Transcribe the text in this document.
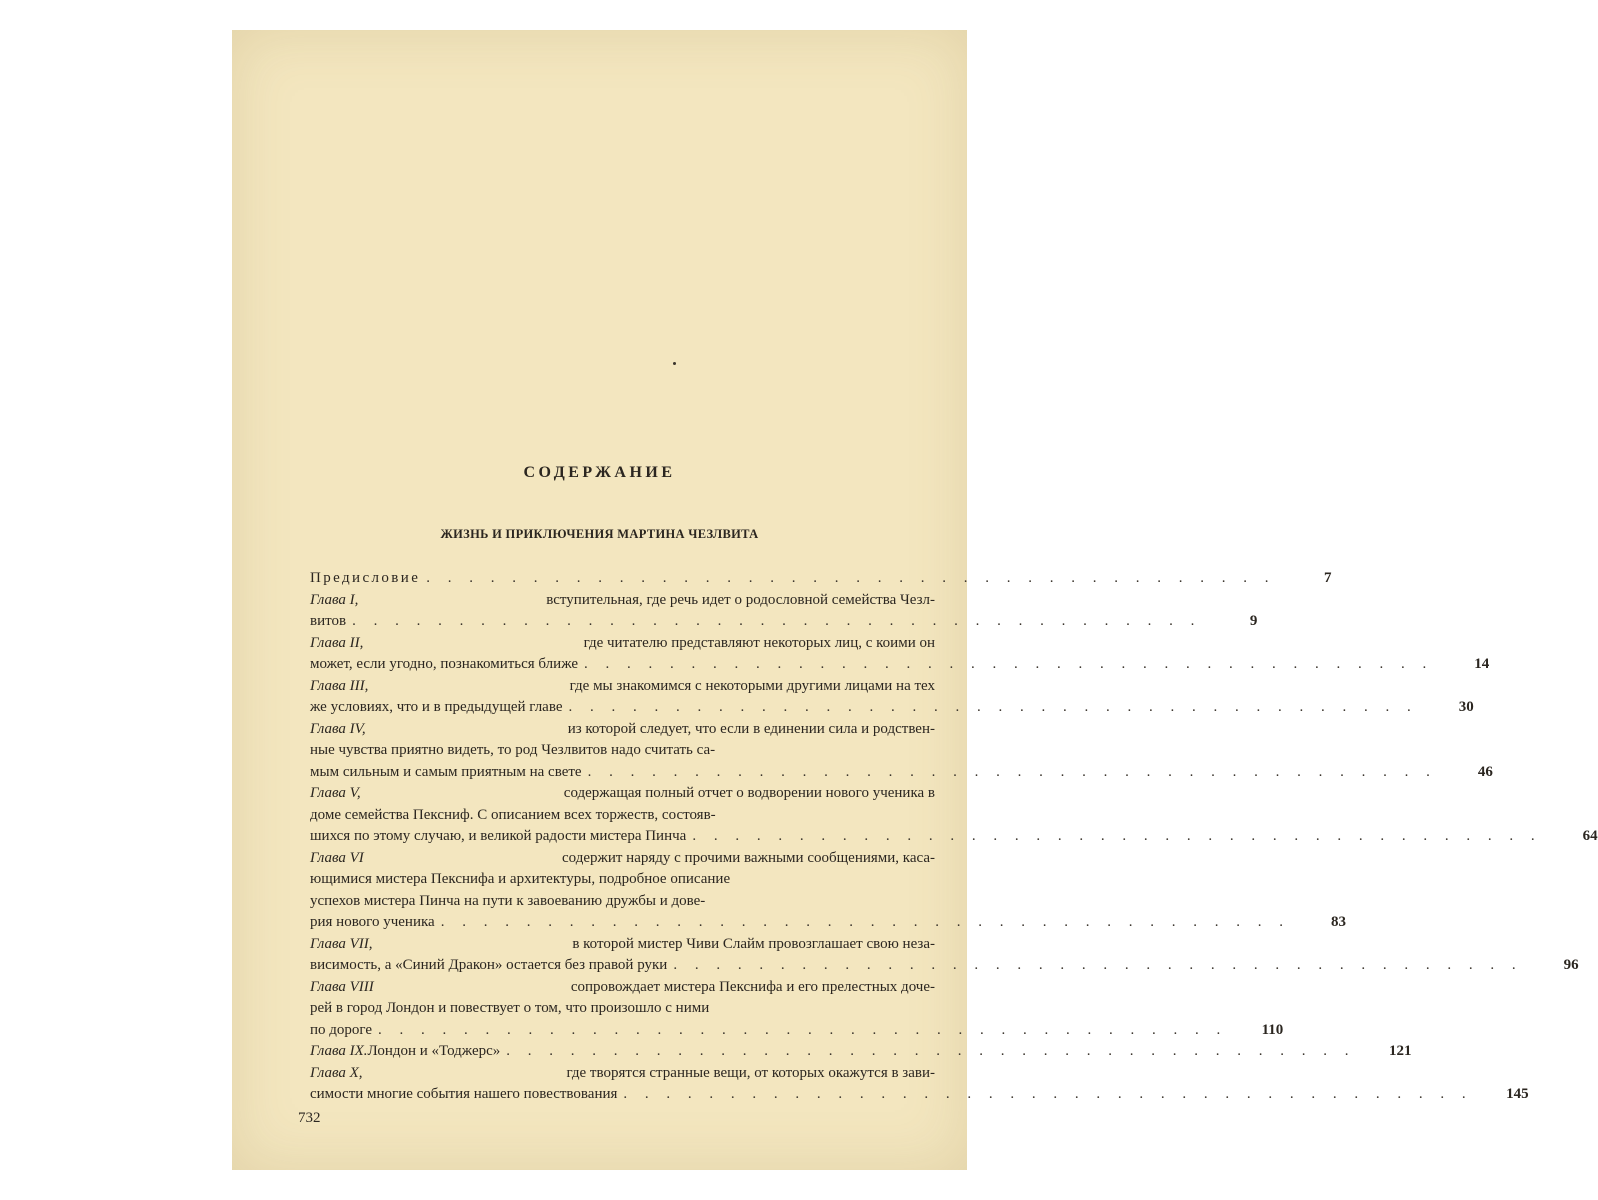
СОДЕРЖАНИЕ
ЖИЗНЬ И ПРИКЛЮЧЕНИЯ МАРТИНА ЧЕЗЛВИТА
Предисловие . . . . . . . . . . . . . . . . . . . . . . . . . . . . . . . . . . . . . . . .	7
Глава I,	вступительная, где речь идет о родословной семейства Чезл-
витов . . . . . . . . . . . . . . . . . . . . . . . . . . . . . . . . . . . . . . . .	9
Глава II,	где читателю представляют некоторых лиц, с коими он
может, если угодно, познакомиться ближе . . . . . . . . . . . . . . . . . . . . . . . . . . . . . . . . . . . . . . . .	14
Глава III,	где мы знакомимся с некоторыми другими лицами на тех
же условиях, что и в предыдущей главе . . . . . . . . . . . . . . . . . . . . . . . . . . . . . . . . . . . . . . . .	30
Глава IV,	из которой следует, что если в единении сила и родствен-
ные чувства приятно видеть, то род Чезлвитов надо считать са-
мым сильным и самым приятным на свете . . . . . . . . . . . . . . . . . . . . . . . . . . . . . . . . . . . . . . . .	46
Глава V,	содержащая полный отчет о водворении нового ученика в
доме семейства Пексниф. С описанием всех торжеств, состояв-
шихся по этому случаю, и великой радости мистера Пинча . . . . . . . . . . . . . . . . . . . . . . . . . . . . . . . . . . . . . . . .	64
Глава VI	содержит наряду с прочими важными сообщениями, каса-
ющимися мистера Пекснифа и архитектуры, подробное описание
успехов мистера Пинча на пути к завоеванию дружбы и дове-
рия нового ученика . . . . . . . . . . . . . . . . . . . . . . . . . . . . . . . . . . . . . . . .	83
Глава VII,	в которой мистер Чиви Слайм провозглашает свою неза-
висимость, а «Синий Дракон» остается без правой руки . . . . . . . . . . . . . . . . . . . . . . . . . . . . . . . . . . . . . . . .	96
Глава VIII	сопровождает мистера Пекснифа и его прелестных доче-
рей в город Лондон и повествует о том, что произошло с ними
по дороге . . . . . . . . . . . . . . . . . . . . . . . . . . . . . . . . . . . . . . . .	110
Глава IX. Лондон и «Тоджерс» . . . . . . . . . . . . . . . . . . . . . . . . . . . . . . . . . . . . . . . .	121
Глава X,	где творятся странные вещи, от которых окажутся в зави-
симости многие события нашего повествования . . . . . . . . . . . . . . . . . . . . . . . . . . . . . . . . . . . . . . . .	145
732
